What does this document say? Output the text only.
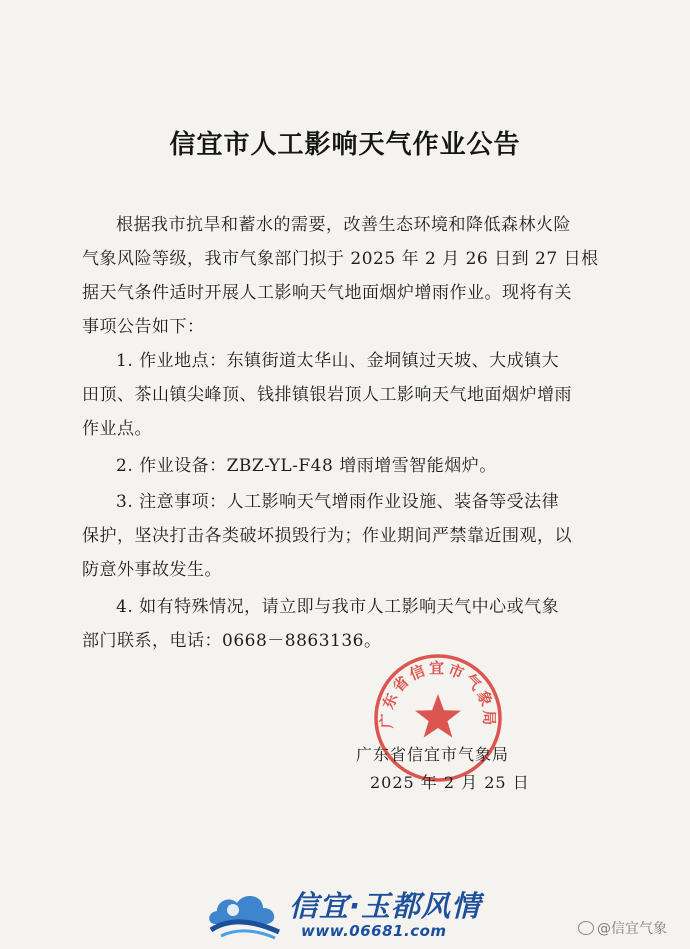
信宜市人工影响天气作业公告
根据我市抗旱和蓄水的需要，改善生态环境和降低森林火险
气象风险等级，我市气象部门拟于 2025 年 2 月 26 日到 27 日根
据天气条件适时开展人工影响天气地面烟炉增雨作业。现将有关
事项公告如下：
1. 作业地点：东镇街道太华山、金垌镇过天坡、大成镇大
田顶、茶山镇尖峰顶、钱排镇银岩顶人工影响天气地面烟炉增雨
作业点。
2. 作业设备：ZBZ-YL-F48 增雨增雪智能烟炉。
3. 注意事项：人工影响天气增雨作业设施、装备等受法律
保护，坚决打击各类破坏损毁行为；作业期间严禁靠近围观，以
防意外事故发生。
4. 如有特殊情况，请立即与我市人工影响天气中心或气象
部门联系，电话：0668－8863136。
广东省信宜市气象局
广东省信宜市气象局
2025 年 2 月 25 日
信宜·玉都风情
www.06681.com	@信宜气象
